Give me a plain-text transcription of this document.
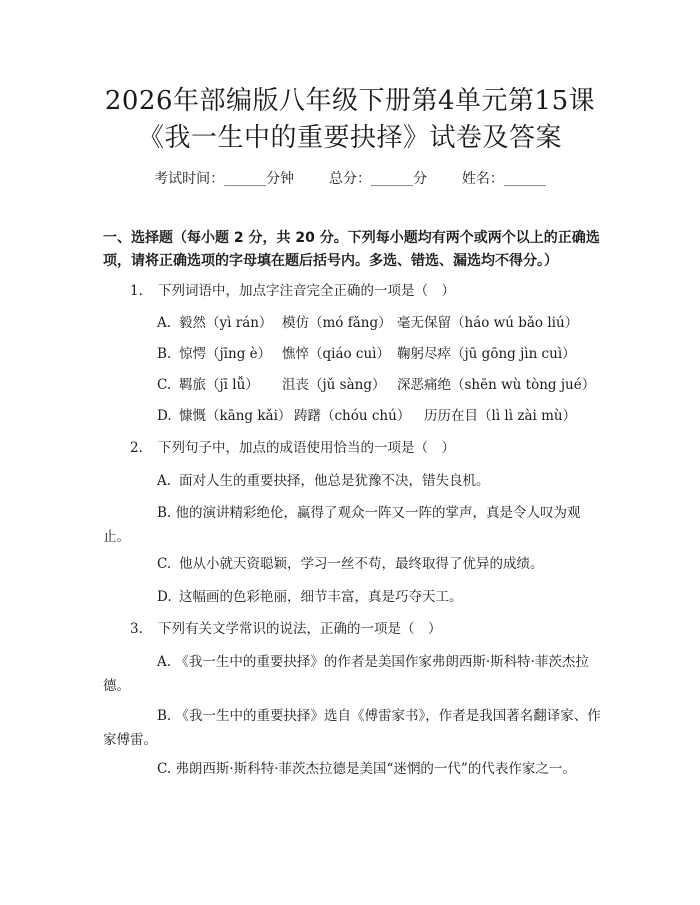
2026年部编版八年级下册第4单元第15课
《我一生中的重要抉择》试卷及答案
考试时间：______分钟 总分：______分 姓名：______
一、选择题（每小题 2 分，共 20 分。下列每小题均有两个或两个以上的正确选项，请将正确选项的字母填在题后括号内。多选、错选、漏选均不得分。）
1. 下列词语中，加点字注音完全正确的一项是（　）
A. 毅然（yì rán） 模仿（mó fǎng） 毫无保留（háo wú bǎo liú）
B. 惊愕（jīng è） 憔悴（qiáo cuì） 鞠躬尽瘁（jū gōng jìn cuì）
C. 羁旅（jī lǚ） 沮丧（jǔ sàng） 深恶痛绝（shēn wù tòng jué）
D. 慷慨（kāng kǎi） 踌躇（chóu chú） 历历在目（lì lì zài mù）
2. 下列句子中，加点的成语使用恰当的一项是（　）
A. 面对人生的重要抉择，他总是犹豫不决，错失良机。
B. 他的演讲精彩绝伦，赢得了观众一阵又一阵的掌声，真是令人叹为观止。
C. 他从小就天资聪颖，学习一丝不苟，最终取得了优异的成绩。
D. 这幅画的色彩艳丽，细节丰富，真是巧夺天工。
3. 下列有关文学常识的说法，正确的一项是（　）
A. 《我一生中的重要抉择》的作者是美国作家弗朗西斯·斯科特·菲茨杰拉德。
B. 《我一生中的重要抉择》选自《傅雷家书》，作者是我国著名翻译家、作家傅雷。
C. 弗朗西斯·斯科特·菲茨杰拉德是美国“迷惘的一代”的代表作家之一。
